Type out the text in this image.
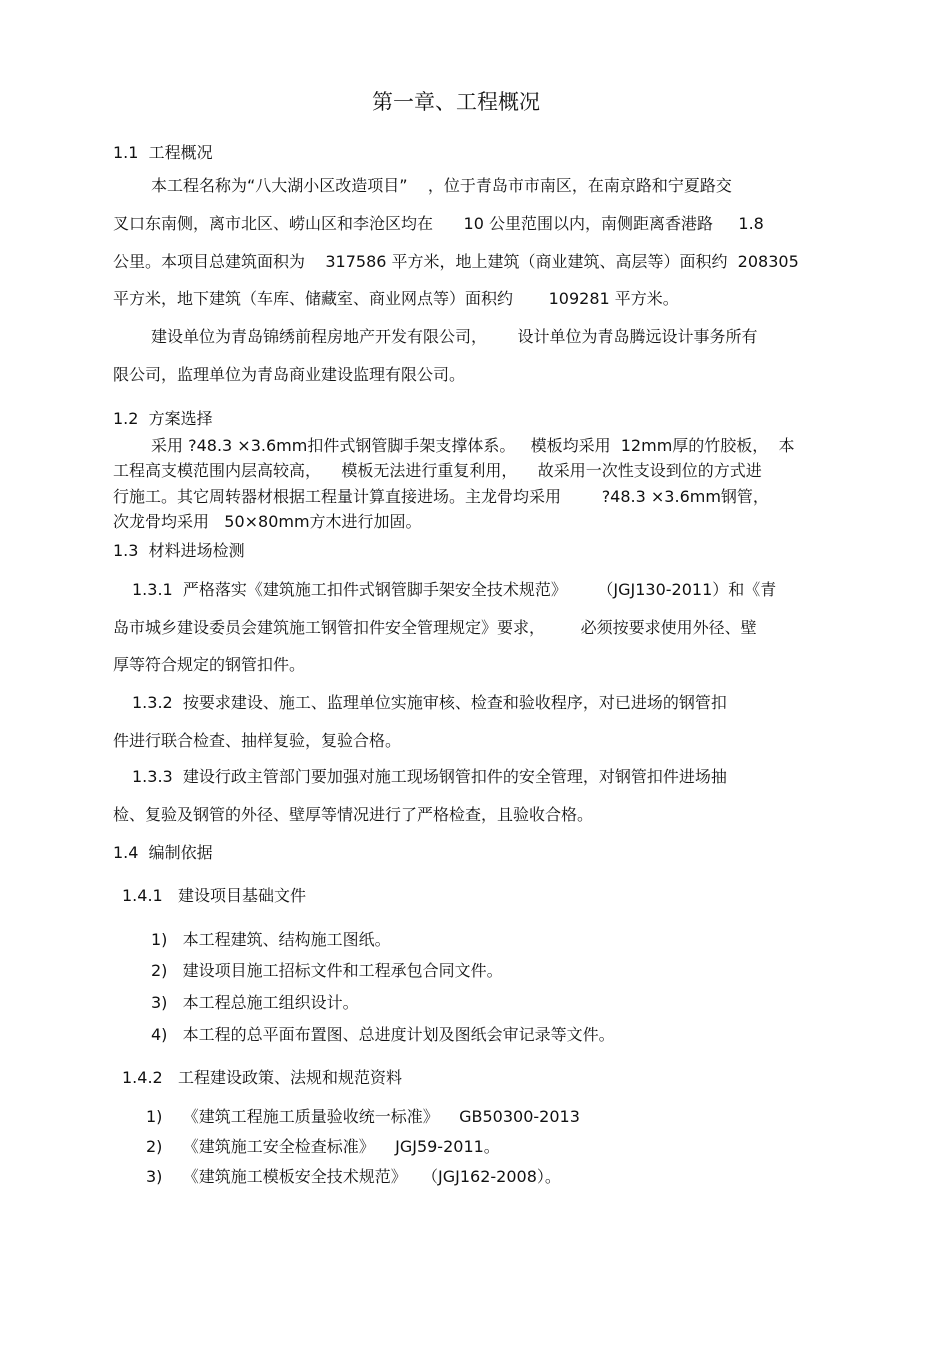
第一章、工程概况
1.1  工程概况
本工程名称为“八大湖小区改造项目”    ，位于青岛市市南区，在南京路和宁夏路交
叉口东南侧，离市北区、崂山区和李沧区均在      10 公里范围以内，南侧距离香港路     1.8
公里。本项目总建筑面积为    317586 平方米，地上建筑（商业建筑、高层等）面积约  208305
平方米，地下建筑（车库、储藏室、商业网点等）面积约       109281 平方米。
建设单位为青岛锦绣前程房地产开发有限公司，      设计单位为青岛腾远设计事务所有
限公司，监理单位为青岛商业建设监理有限公司。
1.2  方案选择
采用 ?48.3 ×3.6mm扣件式钢管脚手架支撑体系。   模板均采用  12mm厚的竹胶板，  本
工程高支模范围内层高较高，    模板无法进行重复利用，    故采用一次性支设到位的方式进
行施工。其它周转器材根据工程量计算直接进场。主龙骨均采用        ?48.3 ×3.6mm钢管，
次龙骨均采用   50×80mm方木进行加固。
1.3  材料进场检测
1.3.1  严格落实《建筑施工扣件式钢管脚手架安全技术规范》      （JGJ130-2011）和《青
岛市城乡建设委员会建筑施工钢管扣件安全管理规定》要求，       必须按要求使用外径、壁
厚等符合规定的钢管扣件。
1.3.2  按要求建设、施工、监理单位实施审核、检查和验收程序，对已进场的钢管扣
件进行联合检查、抽样复验，复验合格。
1.3.3  建设行政主管部门要加强对施工现场钢管扣件的安全管理，对钢管扣件进场抽
检、复验及钢管的外径、壁厚等情况进行了严格检查，且验收合格。
1.4  编制依据
1.4.1   建设项目基础文件
1)   本工程建筑、结构施工图纸。
2)   建设项目施工招标文件和工程承包合同文件。
3)   本工程总施工组织设计。
4)   本工程的总平面布置图、总进度计划及图纸会审记录等文件。
1.4.2   工程建设政策、法规和规范资料
1)    《建筑工程施工质量验收统一标准》    GB50300-2013
2)    《建筑施工安全检查标准》    JGJ59-2011。
3)    《建筑施工模板安全技术规范》   （JGJ162-2008）。
